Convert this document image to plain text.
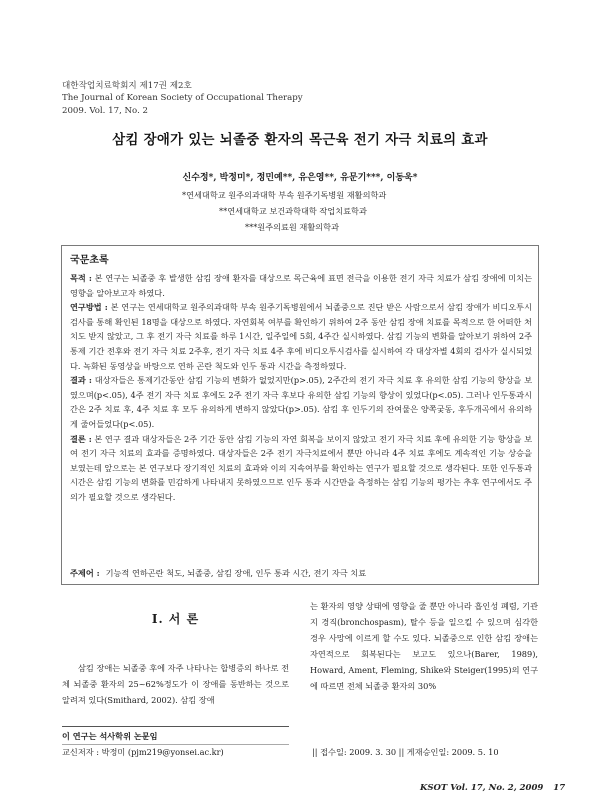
대한작업치료학회지 제17권 제2호
The Journal of Korean Society of Occupational Therapy
2009. Vol. 17, No. 2
삼킴 장애가 있는 뇌졸중 환자의 목근육 전기 자극 치료의 효과
신수정*, 박정미*, 정민예**, 유은영**, 유문기***, 이동욱*
*연세대학교 원주의과대학 부속 원주기독병원 재활의학과
**연세대학교 보건과학대학 작업치료학과
***원주의료원 재활의학과
국문초록

목적 : 본 연구는 뇌졸중 후 발생한 삼킴 장애 환자를 대상으로 목근육에 표면 전극을 이용한 전기 자극 치료가 삼킴 장애에 미치는 영향을 알아보고자 하였다.

연구방법 : 본 연구는 연세대학교 원주의과대학 부속 원주기독병원에서 뇌졸중으로 진단 받은 사람으로서 삼킴 장애가 비디오투시검사를 통해 확인된 18명을 대상으로 하였다. 자연회복 여부를 확인하기 위하여 2주 동안 삼킴 장애 치료를 목적으로 한 어떠한 처치도 받지 않았고, 그 후 전기 자극 치료를 하루 1시간, 일주일에 5회, 4주간 실시하였다. 삼킴 기능의 변화를 알아보기 위하여 2주 통제 기간 전후와 전기 자극 치료 2주후, 전기 자극 치료 4주 후에 비디오투시검사를 실시하여 각 대상자별 4회의 검사가 실시되었다. 녹화된 동영상을 바탕으로 연하 곤란 척도와 인두 통과 시간을 측정하였다.

결과 : 대상자들은 통제기간동안 삼킴 기능의 변화가 없었지만(p>.05), 2주간의 전기 자극 치료 후 유의한 삼킴 기능의 향상을 보였으며(p<.05), 4주 전기 자극 치료 후에도 2주 전기 자극 후보다 유의한 삼킴 기능의 향상이 있었다(p<.05). 그러나 인두통과시간은 2주 치료 후, 4주 치료 후 모두 유의하게 변하지 않았다(p>.05). 삼킴 후 인두기의 잔여물은 양쪽궂동, 후두개곡에서 유의하게 줄어들었다(p<.05).

결론 : 본 연구 결과 대상자들은 2주 기간 동안 삼킴 기능의 자연 회복을 보이지 않았고 전기 자극 치료 후에 유의한 기능 향상을 보여 전기 자극 치료의 효과를 증명하였다. 대상자들은 2주 전기 자극치료에서 뿐만 아니라 4주 치료 후에도 계속적인 기능 상승을 보였는데 앞으로는 본 연구보다 장기적인 치료의 효과와 이의 지속여부를 확인하는 연구가 필요할 것으로 생각된다. 또한 인두통과시간은 삼킴 기능의 변화를 민감하게 나타내지 못하였으므로 인두 통과 시간만을 측정하는 삼킴 기능의 평가는 추후 연구에서도 주의가 필요할 것으로 생각된다.

주제어 : 기능적 연하곤란 척도, 뇌졸중, 삼킴 장애, 인두 통과 시간, 전기 자극 치료
Ⅰ. 서 론
삼킴 장애는 뇌졸중 후에 자주 나타나는 합병증의 하나로 전체 뇌졸중 환자의 25~62%정도가 이 장애를 동반하는 것으로 알려져 있다(Smithard, 2002). 삼킴 장애
는 환자의 영양 상태에 영향을 줄 뿐만 아니라 흡인성 폐렴, 기관지 경직(bronchospasm), 탈수 등을 일으킬 수 있으며 심각한 경우 사망에 이르게 할 수도 있다. 뇌졸중으로 인한 삼킴 장애는 자연적으로 회복된다는 보고도 있으나(Barer, 1989), Howard, Ament, Fleming, Shike와 Steiger(1995)의 연구에 따르면 전체 뇌졸중 환자의 30%
이 연구는 석사학위 논문임
교신저자 : 박정미 (pjm219@yonsei.ac.kr)	|| 접수일: 2009. 3. 30 || 게재승인일: 2009. 5. 10
KSOT Vol. 17, No. 2, 2009 17
